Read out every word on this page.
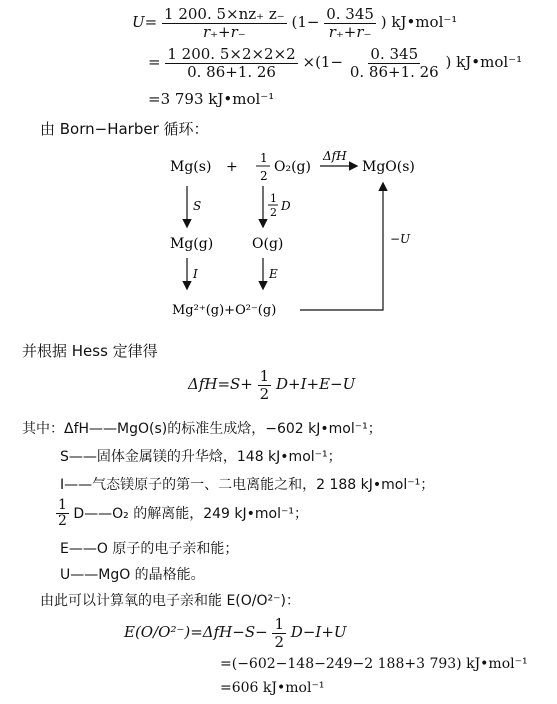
$U= \frac{1 200. 5\times nz_+ z_-}{r_++r_-} (1- \frac{0. 345}{r_++r_-}$ ) kJ•mol⁻¹
= $\frac{1 200. 5\times 2\times 2\times 2}{0. 86+1. 26} \times(1- \frac{0. 345}{0. 86+1. 26}$ ) kJ•mol⁻¹
=3 793 kJ•mol⁻¹
由 Born−Harber 循环：
Mg(s) +
1
2
O₂(g)
ΔfH
MgO(s)
S
Mg(g)
I
1
2 D
O(g)
E
Mg²⁺(g)+O²⁻(g)
−U
并根据 Hess 定律得
$\Delta fH=S+ \frac{1}{2} D+I+E-U$
其中：ΔfH——MgO(s)的标准生成焓，−602 kJ•mol⁻¹；
S——固体金属镁的升华焓，148 kJ•mol⁻¹；
I——气态镁原子的第一、二电离能之和，2 188 kJ•mol⁻¹；
$\frac{1}{2}$ D——O₂ 的解离能，249 kJ•mol⁻¹；
E——O 原子的电子亲和能；
U——MgO 的晶格能。
由此可以计算氧的电子亲和能 E(O/O²⁻)：
$E(O/O^{2-})=\Delta fH-S- \frac{1}{2} D-I+U$
=(−602−148−249−2 188+3 793) kJ•mol⁻¹
=606 kJ•mol⁻¹
